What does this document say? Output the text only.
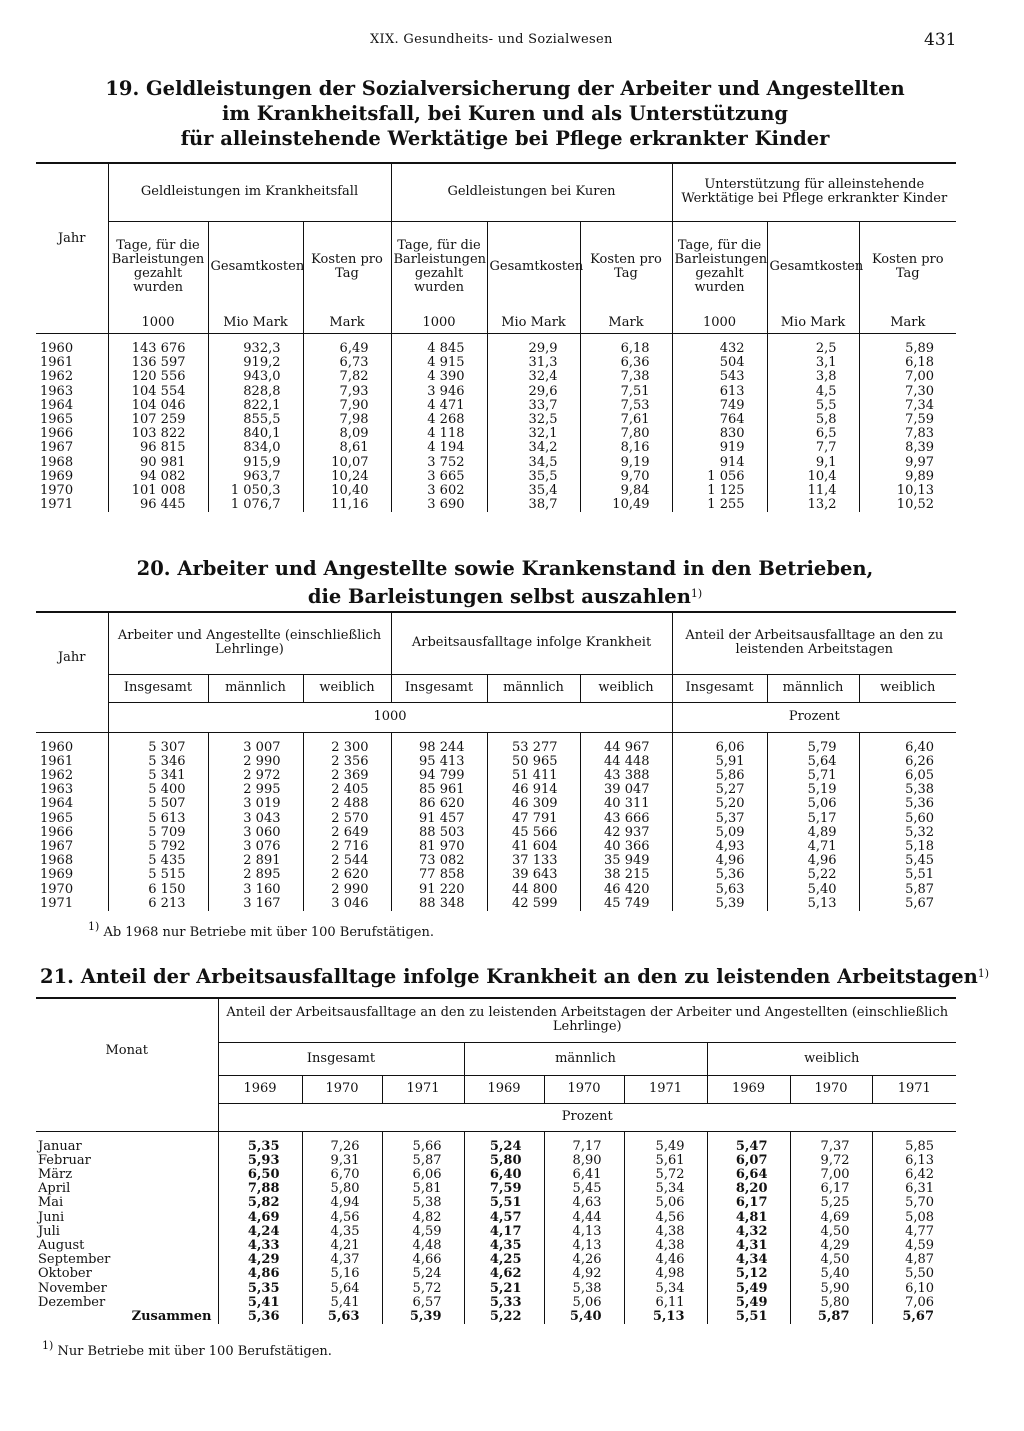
XIX. Gesundheits- und Sozialwesen	431
19. Geldleistungen der Sozialversicherung der Arbeiter und Angestellten
im Krankheitsfall, bei Kuren und als Unterstützung
für alleinstehende Werktätige bei Pflege erkrankter Kinder
Jahr	Geldleistungen im Krankheitsfall			Geldleistungen bei Kuren			Unterstützung für alleinstehende Werktätige bei Pflege erkrankter Kinder		
	Tage, für die Barleistungen gezahlt wurden	Gesamtkosten	Kosten pro Tag	Tage, für die Barleistungen gezahlt wurden	Gesamtkosten	Kosten pro Tag	Tage, für die Barleistungen gezahlt wurden	Gesamtkosten	Kosten pro Tag
	1000	Mio Mark	Mark	1000	Mio Mark	Mark	1000	Mio Mark	Mark
1960	143 676	932,3	6,49	4 845	29,9	6,18	432	2,5	5,89
1961	136 597	919,2	6,73	4 915	31,3	6,36	504	3,1	6,18
1962	120 556	943,0	7,82	4 390	32,4	7,38	543	3,8	7,00
1963	104 554	828,8	7,93	3 946	29,6	7,51	613	4,5	7,30
1964	104 046	822,1	7,90	4 471	33,7	7,53	749	5,5	7,34
1965	107 259	855,5	7,98	4 268	32,5	7,61	764	5,8	7,59
1966	103 822	840,1	8,09	4 118	32,1	7,80	830	6,5	7,83
1967	96 815	834,0	8,61	4 194	34,2	8,16	919	7,7	8,39
1968	90 981	915,9	10,07	3 752	34,5	9,19	914	9,1	9,97
1969	94 082	963,7	10,24	3 665	35,5	9,70	1 056	10,4	9,89
1970	101 008	1 050,3	10,40	3 602	35,4	9,84	1 125	11,4	10,13
1971	96 445	1 076,7	11,16	3 690	38,7	10,49	1 255	13,2	10,52
20. Arbeiter und Angestellte sowie Krankenstand in den Betrieben,
die Barleistungen selbst auszahlen$^{1)}$
Jahr	Arbeiter und Angestellte (einschließlich Lehrlinge)			Arbeitsausfalltage infolge Krankheit			Anteil der Arbeitsausfalltage an den zu leistenden Arbeitstagen		
	Insgesamt	männlich	weiblich	Insgesamt	männlich	weiblich	Insgesamt	männlich	weiblich
	1000						Prozent		
1960	5 307	3 007	2 300	98 244	53 277	44 967	6,06	5,79	6,40
1961	5 346	2 990	2 356	95 413	50 965	44 448	5,91	5,64	6,26
1962	5 341	2 972	2 369	94 799	51 411	43 388	5,86	5,71	6,05
1963	5 400	2 995	2 405	85 961	46 914	39 047	5,27	5,19	5,38
1964	5 507	3 019	2 488	86 620	46 309	40 311	5,20	5,06	5,36
1965	5 613	3 043	2 570	91 457	47 791	43 666	5,37	5,17	5,60
1966	5 709	3 060	2 649	88 503	45 566	42 937	5,09	4,89	5,32
1967	5 792	3 076	2 716	81 970	41 604	40 366	4,93	4,71	5,18
1968	5 435	2 891	2 544	73 082	37 133	35 949	4,96	4,96	5,45
1969	5 515	2 895	2 620	77 858	39 643	38 215	5,36	5,22	5,51
1970	6 150	3 160	2 990	91 220	44 800	46 420	5,63	5,40	5,87
1971	6 213	3 167	3 046	88 348	42 599	45 749	5,39	5,13	5,67
$^{1)}$ Ab 1968 nur Betriebe mit über 100 Berufstätigen.
21. Anteil der Arbeitsausfalltage infolge Krankheit an den zu leistenden Arbeitstagen$^{1)}$
Monat	Anteil der Arbeitsausfalltage an den zu leistenden Arbeitstagen der Arbeiter und Angestellten (einschließlich Lehrlinge)								
	Insgesamt			männlich			weiblich		
	1969	1970	1971	1969	1970	1971	1969	1970	1971
	Prozent								
Januar	5,35	7,26	5,66	5,24	7,17	5,49	5,47	7,37	5,85
Februar	5,93	9,31	5,87	5,80	8,90	5,61	6,07	9,72	6,13
März	6,50	6,70	6,06	6,40	6,41	5,72	6,64	7,00	6,42
April	7,88	5,80	5,81	7,59	5,45	5,34	8,20	6,17	6,31
Mai	5,82	4,94	5,38	5,51	4,63	5,06	6,17	5,25	5,70
Juni	4,69	4,56	4,82	4,57	4,44	4,56	4,81	4,69	5,08
Juli	4,24	4,35	4,59	4,17	4,13	4,38	4,32	4,50	4,77
August	4,33	4,21	4,48	4,35	4,13	4,38	4,31	4,29	4,59
September	4,29	4,37	4,66	4,25	4,26	4,46	4,34	4,50	4,87
Oktober	4,86	5,16	5,24	4,62	4,92	4,98	5,12	5,40	5,50
November	5,35	5,64	5,72	5,21	5,38	5,34	5,49	5,90	6,10
Dezember	5,41	5,41	6,57	5,33	5,06	6,11	5,49	5,80	7,06
Zusammen	5,36	5,63	5,39	5,22	5,40	5,13	5,51	5,87	5,67
$^{1)}$ Nur Betriebe mit über 100 Berufstätigen.
